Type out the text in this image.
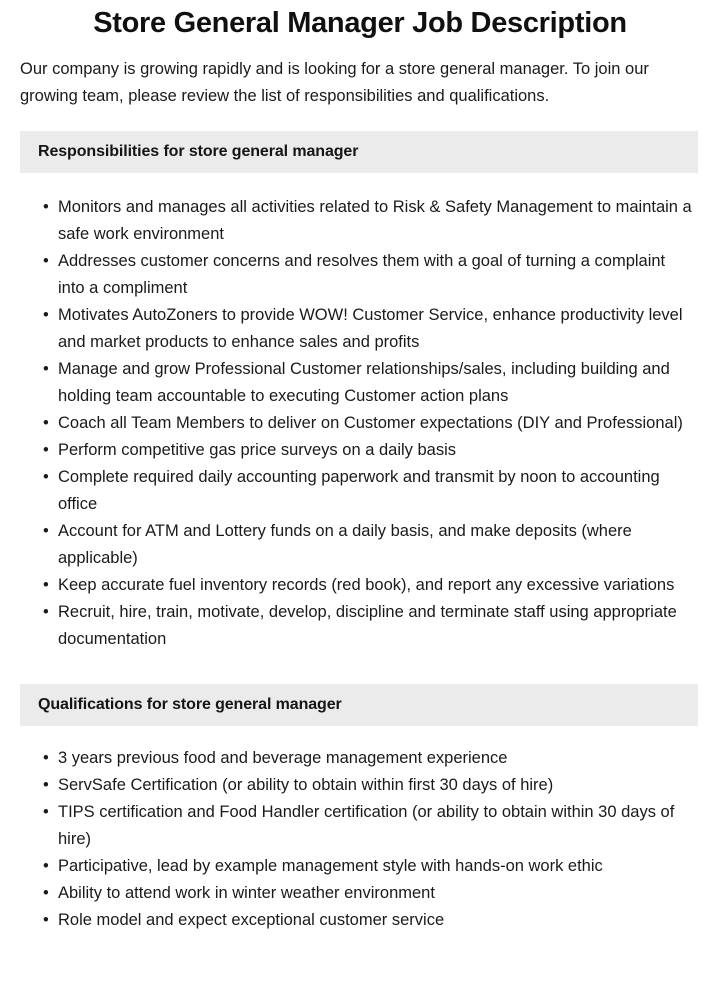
Store General Manager Job Description

Our company is growing rapidly and is looking for a store general manager. To join our growing team, please review the list of responsibilities and qualifications.

Responsibilities for store general manager
• Monitors and manages all activities related to Risk & Safety Management to maintain a safe work environment
• Addresses customer concerns and resolves them with a goal of turning a complaint into a compliment
• Motivates AutoZoners to provide WOW! Customer Service, enhance productivity level and market products to enhance sales and profits
• Manage and grow Professional Customer relationships/sales, including building and holding team accountable to executing Customer action plans
• Coach all Team Members to deliver on Customer expectations (DIY and Professional)
• Perform competitive gas price surveys on a daily basis
• Complete required daily accounting paperwork and transmit by noon to accounting office
• Account for ATM and Lottery funds on a daily basis, and make deposits (where applicable)
• Keep accurate fuel inventory records (red book), and report any excessive variations
• Recruit, hire, train, motivate, develop, discipline and terminate staff using appropriate documentation
Qualifications for store general manager
• 3 years previous food and beverage management experience
• ServSafe Certification (or ability to obtain within first 30 days of hire)
• TIPS certification and Food Handler certification (or ability to obtain within 30 days of hire)
• Participative, lead by example management style with hands-on work ethic
• Ability to attend work in winter weather environment
• Role model and expect exceptional customer service
